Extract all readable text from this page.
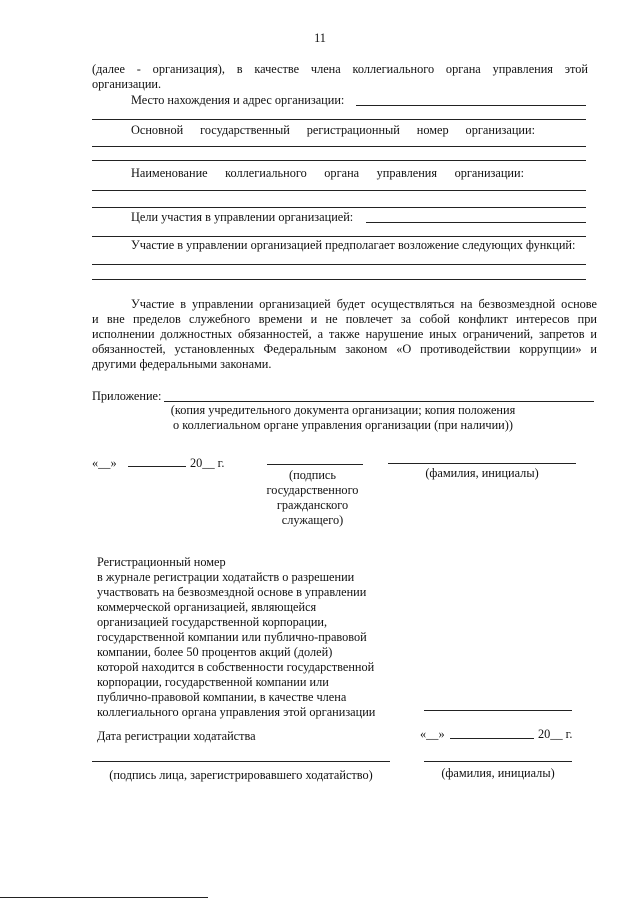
11
(далее - организация), в качестве члена коллегиального органа управления этой
организации.
Место нахождения и адрес организации:
Основной государственный регистрационный номер организации:
Наименование коллегиального органа управления организации:
Цели участия в управлении организацией:
Участие в управлении организацией предполагает возложение следующих функций:
Участие в управлении организацией будет осуществляться на безвозмездной основе
и вне пределов служебного времени и не повлечет за собой конфликт интересов при
исполнении должностных обязанностей, а также нарушение иных ограничений, запретов и
обязанностей, установленных Федеральным законом «О противодействии коррупции» и
другими федеральными законами.
Приложение:
(копия учредительного документа организации; копия положения
о коллегиальном органе управления организации (при наличии))
«__»	20__ г.
(подпись
государственного
гражданского
служащего)
(фамилия, инициалы)
Регистрационный номер
в журнале регистрации ходатайств о разрешении
участвовать на безвозмездной основе в управлении
коммерческой организацией, являющейся
организацией государственной корпорации,
государственной компании или публично-правовой
компании, более 50 процентов акций (долей)
которой находится в собственности государственной
корпорации, государственной компании или
публично-правовой компании, в качестве члена
коллегиального органа управления этой организации
Дата регистрации ходатайства	«__»	20__ г.
(подпись лица, зарегистрировавшего ходатайство)	(фамилия, инициалы)
